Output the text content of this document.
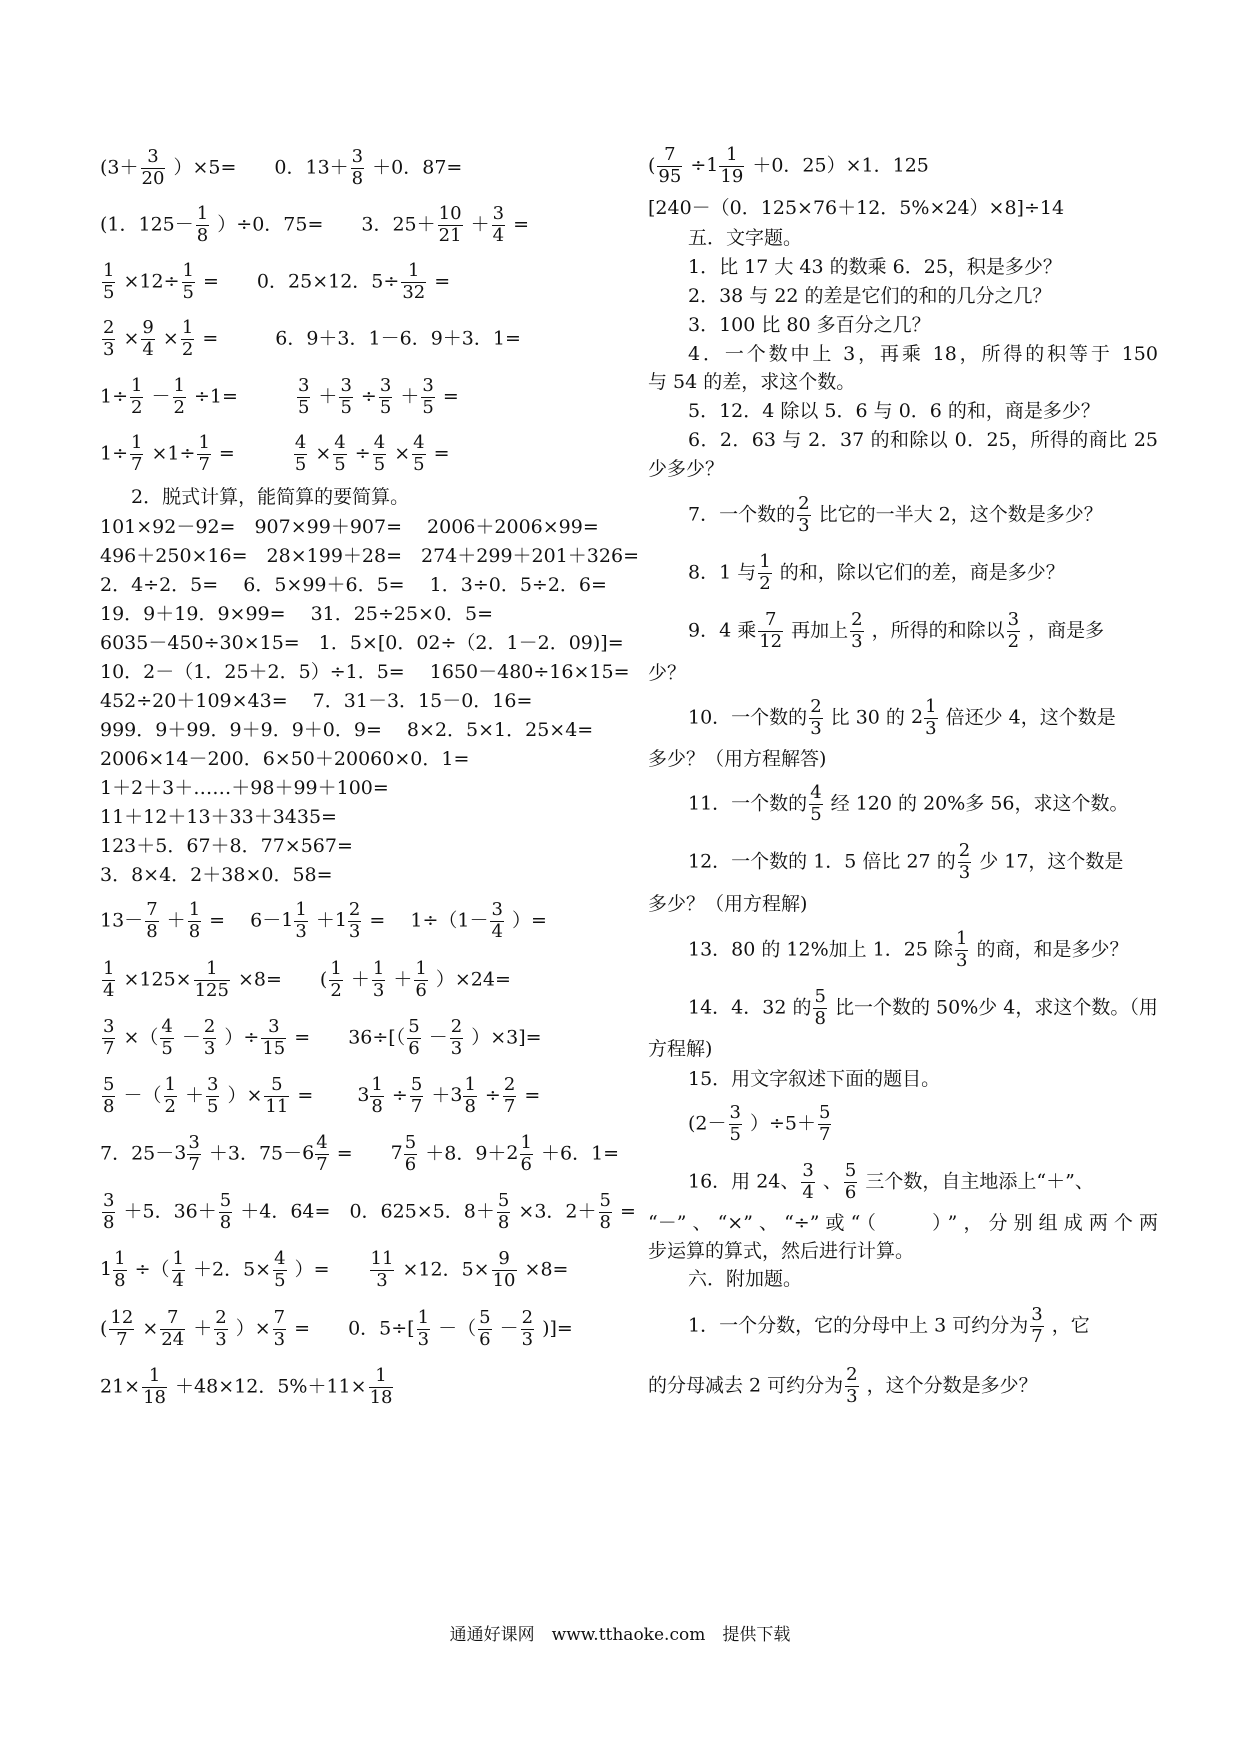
$(3+ \frac{3}{20} )\times 5=$　　0．$13+ \frac{3}{8} +0$．87=
(1．$125- \frac{1}{8} )\div 0$．75=　　3．$25+ \frac{10}{21} + \frac{3}{4}$ =
$\frac{1}{5} \times 12\div \frac{1}{5}$ =　　0．25×12．$5\div \frac{1}{32}$ =
$\frac{2}{3} \times \frac{9}{4} \times \frac{1}{2}$ =　　　6．9＋3．1－6．9＋3．1=
$1\div \frac{1}{2} - \frac{1}{2} \div 1=$　　　 $\frac{3}{5} + \frac{3}{5} \div \frac{3}{5} + \frac{3}{5}$ =
$1\div \frac{1}{7} \times 1\div \frac{1}{7}$ =　　　 $\frac{4}{5} \times \frac{4}{5} \div \frac{4}{5} \times \frac{4}{5}$ =
2．脱式计算，能简算的要简算。
101×92－92=　907×99＋907=　 2006＋2006×99=
496＋250×16=　28×199＋28=　274＋299＋201＋326=
2．4÷2．5=　 6．5×99＋6．5=　 1．3÷0．5÷2．6=
19．9＋19．9×99=　 31．25÷25×0．5=
6035－450÷30×15=　1．5×[0．02÷（2．1－2．09)]=
10．2－（1．25＋2．5）÷1．5=　 1650－480÷16×15=
452÷20＋109×43=　 7．31－3．15－0．16=
999．9＋99．9＋9．9＋0．9=　 8×2．5×1．25×4=
2006×14－200．6×50＋20060×0．1=
1＋2＋3＋……＋98＋99＋100=
11＋12＋13＋33＋3435=
123＋5．67＋8．77×567=
3．8×4．2＋38×0．58=
$13- \frac{7}{8} + \frac{1}{8}$ =　 $6-1 \frac{1}{3} +1 \frac{2}{3}$ =　 $1\div(1- \frac{3}{4}$ ）=
$\frac{1}{4} \times 125\times \frac{1}{125} \times 8=$　　( $\frac{1}{2} + \frac{1}{3} + \frac{1}{6} )\times 24=$
$\frac{3}{7}$ ×（ $\frac{4}{5} - \frac{2}{3}$ ）÷ $\frac{3}{15}$ =　　$36\div[( \frac{5}{6} - \frac{2}{3} )\times 3]=$
$\frac{5}{8}$ －（ $\frac{1}{2} + \frac{3}{5}$ ）× $\frac{5}{11}$ =　　 $3 \frac{1}{8} \div \frac{5}{7} +3 \frac{1}{8} \div \frac{2}{7}$ =
7．$25-3 \frac{3}{7} +3$．$75-6 \frac{4}{7}$ =　　$7 \frac{5}{6} +8$．$9+2 \frac{1}{6} +6$．1=
$\frac{3}{8} +5$．$36+ \frac{5}{8} +4$．64=　0．625×5．$8+ \frac{5}{8} \times 3$．$2+ \frac{5}{8}$ =
$1 \frac{1}{8}$ ÷（ $\frac{1}{4} +2$．$5\times \frac{4}{5}$ ）=　　 $\frac{11}{3} \times 12$．$5\times \frac{9}{10} \times 8=$
( $\frac{12}{7} \times \frac{7}{24} + \frac{2}{3}$ ）× $\frac{7}{3}$ =　　0．$5\div[ \frac{1}{3}$ －（ $\frac{5}{6} - \frac{2}{3}$ )]=
$21\times \frac{1}{18} +48\times 12$．$5\%+11\times \frac{1}{18}$
( $\frac{7}{95} \div 1 \frac{1}{19} +0$．25）×1．125
[240－（0．125×76＋12．5%×24）×8]÷14
五．文字题。
1．比 17 大 43 的数乘 6．25，积是多少？
2．38 与 22 的差是它们的和的几分之几？
3．100 比 80 多百分之几？
4．一个数中上 3，再乘 18，所得的积等于 150
与 54 的差，求这个数。
5．12．4 除以 5．6 与 0．6 的和，商是多少？
6．2．63 与 2．37 的和除以 0．25，所得的商比 25
少多少？
7．一个数的 $\frac{2}{3}$ 比它的一半大 2，这个数是多少？
8．1 与 $\frac{1}{2}$ 的和，除以它们的差，商是多少？
9．4 乘 $\frac{7}{12}$ 再加上 $\frac{2}{3}$ ，所得的和除以 $\frac{3}{2}$ ，商是多
少？
10．一个数的 $\frac{2}{3}$ 比 30 的 $2 \frac{1}{3}$ 倍还少 4，这个数是
多少？（用方程解答)
11．一个数的 $\frac{4}{5}$ 经 120 的 20%多 56，求这个数。
12．一个数的 1．5 倍比 27 的 $\frac{2}{3}$ 少 17，这个数是
多少？（用方程解)
13．80 的 12%加上 1．25 除 $\frac{1}{3}$ 的商，和是多少？
14．4．32 的 $\frac{5}{8}$ 比一个数的 50%少 4，求这个数。（用
方程解)
15．用文字叙述下面的题目。
$(2- \frac{3}{5} )\div 5+ \frac{5}{7}$
16．用 24、 $\frac{3}{4}$ 、 $\frac{5}{6}$ 三个数，自主地添上“＋”、
“－”、“×”、“÷”或“（　　）”，分别组成两个两
步运算的算式，然后进行计算。
六．附加题。
1．一个分数，它的分母中上 3 可约分为 $\frac{3}{7}$ ，它
的分母减去 2 可约分为 $\frac{2}{3}$ ，这个分数是多少？
通通好课网　www.tthaoke.com　提供下载
